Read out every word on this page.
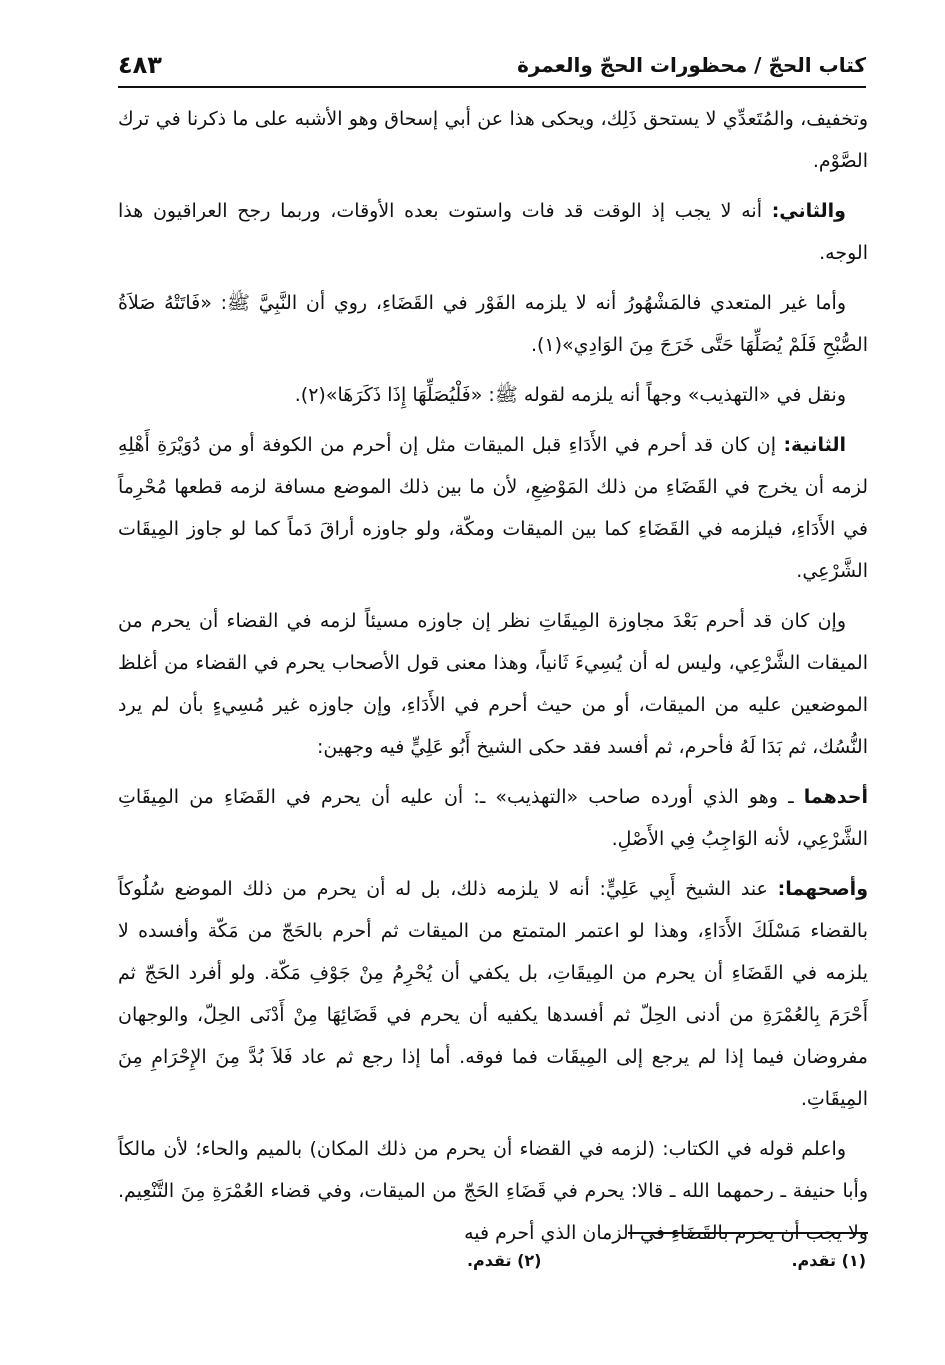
كتاب الحجّ / محظورات الحجّ والعمرة
٤٨٣

وتخفيف، والمُتَعدِّي لا يستحق ذَلِك، ويحكى هذا عن أبي إسحاق وهو الأشبه على ما ذكرنا في ترك الصَّوْم.

والثاني: أنه لا يجب إذ الوقت قد فات واستوت بعده الأوقات، وربما رجح العراقيون هذا الوجه.

وأما غير المتعدي فالمَشْهُورُ أنه لا يلزمه الفَوْر في القَضَاءِ، روي أن النَّبِيَّ ﷺ: «فَاتَتْهُ صَلاَةُ الصُّبْحِ فَلَمْ يُصَلِّهَا حَتَّى خَرَجَ مِنَ الوَادِي»(١).

ونقل في «التهذيب» وجهاً أنه يلزمه لقوله ﷺ: «فَلْيُصَلِّهَا إِذَا ذَكَرَهَا»(٢).

الثانية: إن كان قد أحرم في الأَدَاءِ قبل الميقات مثل إن أحرم من الكوفة أو من دُوَيْرَةِ أَهْلِهِ لزمه أن يخرج في القَضَاءِ من ذلك المَوْضِعِ، لأن ما بين ذلك الموضع مسافة لزمه قطعها مُحْرِماً في الأَدَاءِ، فيلزمه في القَضَاءِ كما بين الميقات ومكّة، ولو جاوزه أراقَ دَماً كما لو جاوز المِيقَات الشَّرْعِي.

وإن كان قد أحرم بَعْدَ مجاوزة المِيقَاتِ نظر إن جاوزه مسيئاً لزمه في القضاء أن يحرم من الميقات الشَّرْعِي، وليس له أن يُسِيءَ ثَانياً، وهذا معنى قول الأصحاب يحرم في القضاء من أغلظ الموضعين عليه من الميقات، أو من حيث أحرم في الأَدَاءِ، وإن جاوزه غير مُسِيءٍ بأن لم يرد النُّسُك، ثم بَدَا لَهُ فأحرم، ثم أفسد فقد حكى الشيخ أَبُو عَلِيٍّ فيه وجهين:

أحدهما ـ وهو الذي أورده صاحب «التهذيب» ـ: أن عليه أن يحرم في القَضَاءِ من المِيقَاتِ الشَّرْعِي، لأنه الوَاجِبُ فِي الأَصْلِ.

وأصحهما: عند الشيخ أَبِي عَلِيٍّ: أنه لا يلزمه ذلك، بل له أن يحرم من ذلك الموضع سُلُوكاً بالقضاء مَسْلَكَ الأَدَاءِ، وهذا لو اعتمر المتمتع من الميقات ثم أحرم بالحَجّ من مَكّة وأفسده لا يلزمه في القَضَاءِ أن يحرم من المِيقَاتِ، بل يكفي أن يُحْرِمُ مِنْ جَوْفِ مَكّة. ولو أفرد الحَجّ ثم أَحْرَمَ بِالعُمْرَةِ من أدنى الحِلّ ثم أفسدها يكفيه أن يحرم في قَضَائِهَا مِنْ أَدْنَى الحِلّ، والوجهان مفروضان فيما إذا لم يرجع إلى المِيقَات فما فوقه. أما إذا رجع ثم عاد فَلاَ بُدَّ مِنَ الإِحْرَامِ مِنَ المِيقَاتِ.

واعلم قوله في الكتاب: (لزمه في القضاء أن يحرم من ذلك المكان) بالميم والحاء؛ لأن مالكاً وأبا حنيفة ـ رحمهما الله ـ قالا: يحرم في قَضَاءِ الحَجّ من الميقات، وفي قضاء العُمْرَةِ مِنَ التَّنْعِيم. ولا يجب أن يحرم بالقَضَاءِ في الزمان الذي أحرم فيه

(١) تقدم.
(٢) تقدم.
